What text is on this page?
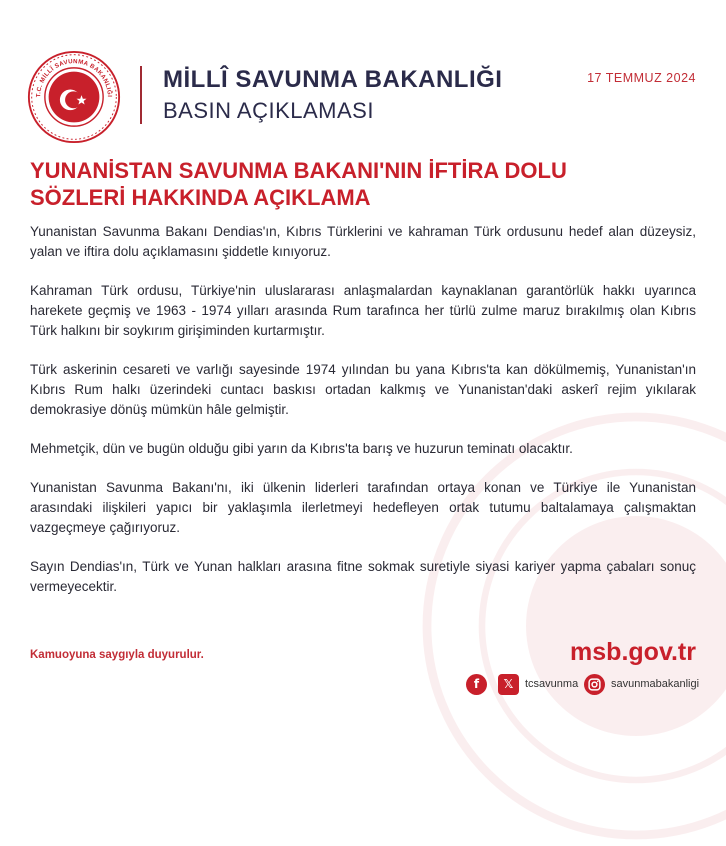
T.C. MİLLÎ SAVUNMA BAKANLIĞI
MİLLÎ SAVUNMA BAKANLIĞI
BASIN AÇIKLAMASI
17 TEMMUZ 2024
YUNANİSTAN SAVUNMA BAKANI'NIN İFTİRA DOLU
SÖZLERİ HAKKINDA AÇIKLAMA

Yunanistan Savunma Bakanı Dendias'ın, Kıbrıs Türklerini ve kahraman Türk ordusunu hedef alan düzeysiz, yalan ve iftira dolu açıklamasını şiddetle kınıyoruz.

Kahraman Türk ordusu, Türkiye'nin uluslararası anlaşmalardan kaynaklanan garantörlük hakkı uyarınca harekete geçmiş ve 1963 - 1974 yılları arasında Rum tarafınca her türlü zulme maruz bırakılmış olan Kıbrıs Türk halkını bir soykırım girişiminden kurtarmıştır.

Türk askerinin cesareti ve varlığı sayesinde 1974 yılından bu yana Kıbrıs'ta kan dökülmemiş, Yunanistan'ın Kıbrıs Rum halkı üzerindeki cuntacı baskısı ortadan kalkmış ve Yunanistan'daki askerî rejim yıkılarak demokrasiye dönüş mümkün hâle gelmiştir.

Mehmetçik, dün ve bugün olduğu gibi yarın da Kıbrıs'ta barış ve huzurun teminatı olacaktır.

Yunanistan Savunma Bakanı'nı, iki ülkenin liderleri tarafından ortaya konan ve Türkiye ile Yunanistan arasındaki ilişkileri yapıcı bir yaklaşımla ilerletmeyi hedefleyen ortak tutumu baltalamaya çalışmaktan vazgeçmeye çağırıyoruz.

Sayın Dendias'ın, Türk ve Yunan halkları arasına fitne sokmak suretiyle siyasi kariyer yapma çabaları sonuç vermeyecektir.

Kamuoyuna saygıyla duyurulur.	msb.gov.tr
f	𝕏	tcsavunma	savunmabakanligi
